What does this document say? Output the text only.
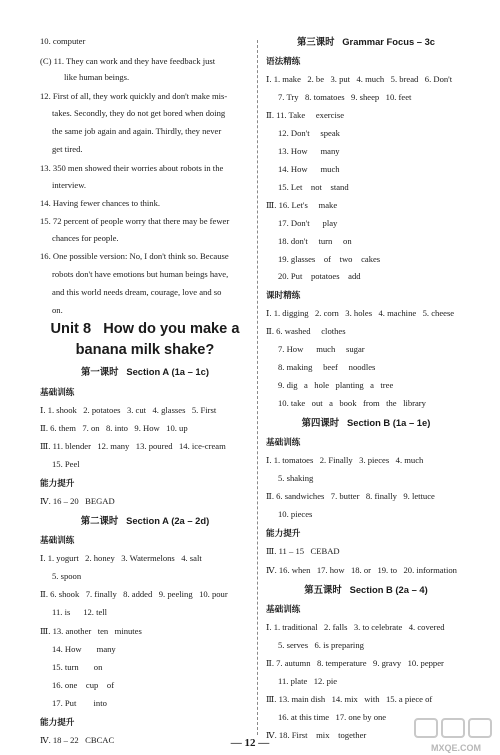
10. computer
(C) 11. They can work and they have feedback just
like human beings.
12. First of all, they work quickly and don't make mis-
takes. Secondly, they do not get bored when doing
the same job again and again. Thirdly, they never
get tired.
13. 350 men showed their worries about robots in the
interview.
14. Having fewer chances to think.
15. 72 percent of people worry that there may be fewer
chances for people.
16. One possible version: No, I don't think so. Because
robots don't have emotions but human beings have,
and this world needs dream, courage, love and so
on.
Unit 8   How do you make a
banana milk shake?
第一课时   Section A (1a – 1c)
基础训练
Ⅰ. 1. shook   2. potatoes   3. cut   4. glasses   5. First
Ⅱ. 6. them   7. on   8. into   9. How   10. up
Ⅲ. 11. blender   12. many   13. poured   14. ice-cream
15. Peel
能力提升
Ⅳ. 16 – 20   BEGAD
第二课时   Section A (2a – 2d)
基础训练
Ⅰ. 1. yogurt   2. honey   3. Watermelons   4. salt
5. spoon
Ⅱ. 6. shook   7. finally   8. added   9. peeling   10. pour
11. is      12. tell
Ⅲ. 13. another   ten   minutes
14. How       many
15. turn       on
16. one    cup    of
17. Put        into
能力提升
Ⅳ. 18 – 22   CBCAC
第三课时   Grammar Focus – 3c
语法精练
Ⅰ. 1. make   2. be   3. put   4. much   5. bread   6. Don't
7. Try   8. tomatoes   9. sheep   10. feet
Ⅱ. 11. Take     exercise
12. Don't     speak
13. How      many
14. How      much
15. Let    not    stand
Ⅲ. 16. Let's     make
17. Don't      play
18. don't     turn     on
19. glasses    of    two    cakes
20. Put    potatoes    add
课时精练
Ⅰ. 1. digging   2. corn   3. holes   4. machine   5. cheese
Ⅱ. 6. washed     clothes
7. How      much     sugar
8. making     beef     noodles
9. dig   a   hole   planting   a   tree
10. take   out   a   book   from   the   library
第四课时   Section B (1a – 1e)
基础训练
Ⅰ. 1. tomatoes   2. Finally   3. pieces   4. much
5. shaking
Ⅱ. 6. sandwiches   7. butter   8. finally   9. lettuce
10. pieces
能力提升
Ⅲ. 11 – 15   CEBAD
Ⅳ. 16. when   17. how   18. or   19. to   20. information
第五课时   Section B (2a – 4)
基础训练
Ⅰ. 1. traditional   2. falls   3. to celebrate   4. covered
5. serves   6. is preparing
Ⅱ. 7. autumn   8. temperature   9. gravy   10. pepper
11. plate   12. pie
Ⅲ. 13. main dish   14. mix   with   15. a piece of
16. at this time   17. one by one
Ⅳ. 18. First    mix    together
— 12 —	MXQE.COM
